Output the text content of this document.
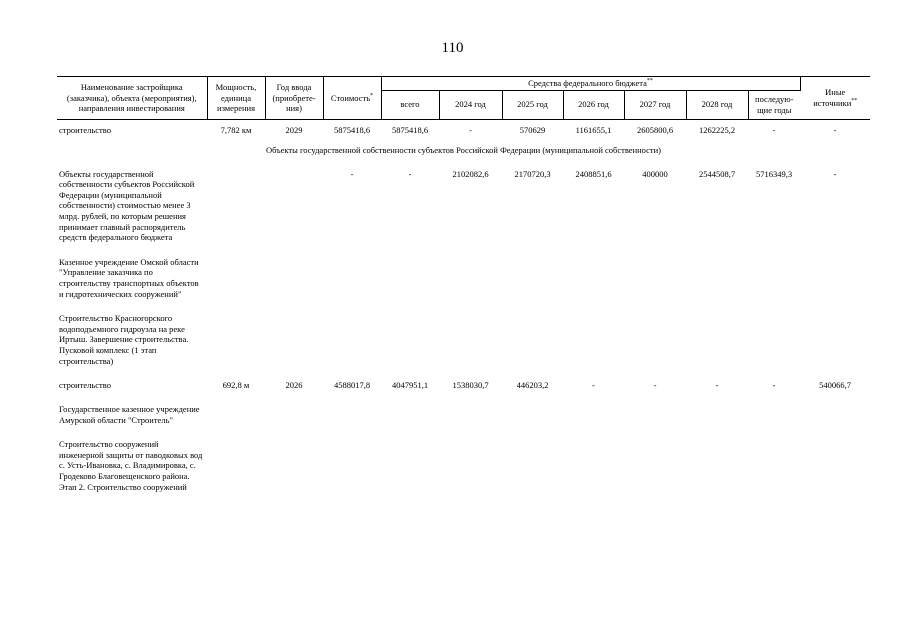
110
Наименование застройщика (заказчика), объекта (мероприятия), направления инвестирования	Мощность, единица измерения	Год ввода (приобрете-ния)	Стоимость*	Средства федерального бюджета**							Иные источники**
				всего	2024 год	2025 год	2026 год	2027 год	2028 год	последую-щие годы	

строительство	7,782 км	2029	5875418,6	5875418,6	-	570629	1161655,1	2605800,6	1262225,2	-	-
Объекты государственной собственности субъектов Российской Федерации (муниципальной собственности)											
Объекты государственной собственности субъектов Российской Федерации (муниципальной собственности) стоимостью менее 3 млрд. рублей, по которым решения принимает главный распорядитель средств федерального бюджета			-	-	2102082,6	2170720,3	2408851,6	400000	2544508,7	5716349,3	-
Казенное учреждение Омской области "Управление заказчика по строительству транспортных объектов и гидротехнических сооружений"											
Строительство Красногорского водоподъемного гидроузла на реке Иртыш. Завершение строительства. Пусковой комплекс (1 этап строительства)											
строительство	692,8 м	2026	4588017,8	4047951,1	1538030,7	446203,2	-	-	-	-	540066,7
Государственное казенное учреждение Амурской области "Строитель"											
Строительство сооружений инженерной защиты от паводковых вод с. Усть-Ивановка, с. Владимировка, с. Гродеково Благовещенского района. Этап 2. Строительство сооружений											
